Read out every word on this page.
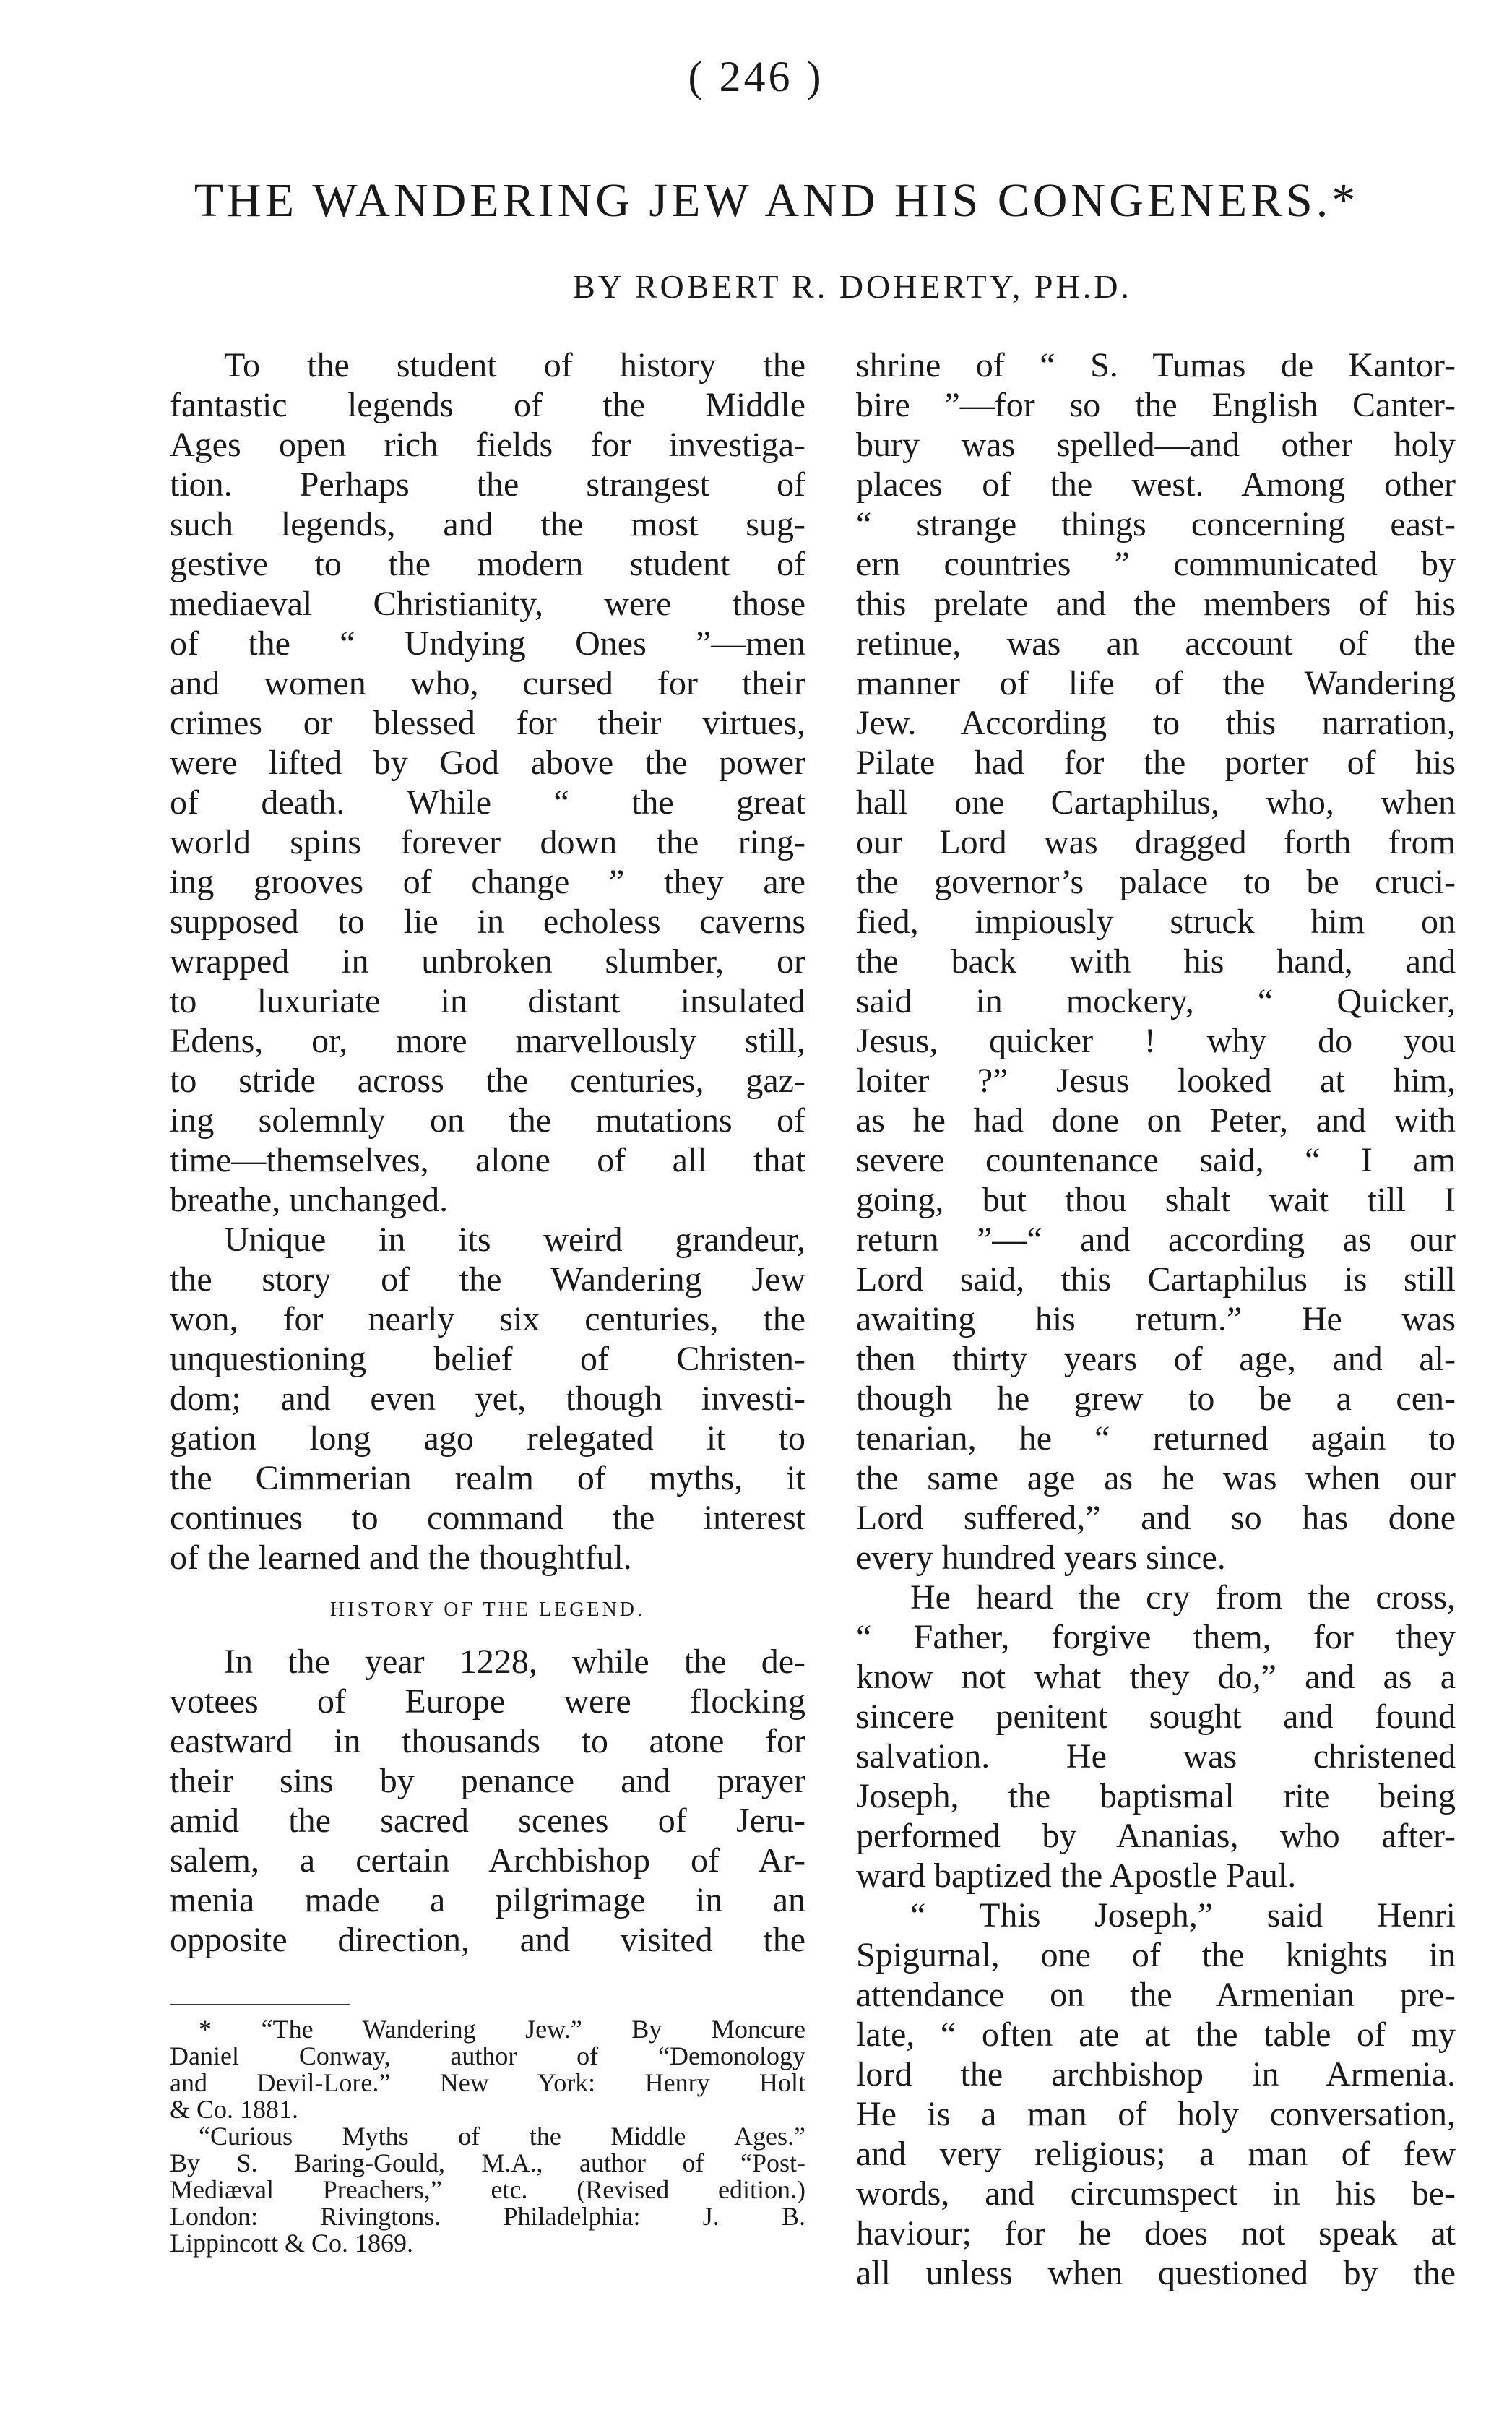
( 246 )
THE WANDERING JEW AND HIS CONGENERS.*
BY ROBERT R. DOHERTY, PH.D.
To the student of history the
fantastic legends of the Middle
Ages open rich fields for investiga-
tion. Perhaps the strangest of
such legends, and the most sug-
gestive to the modern student of
mediaeval Christianity, were those
of the “ Undying Ones ”—men
and women who, cursed for their
crimes or blessed for their virtues,
were lifted by God above the power
of death. While “ the great
world spins forever down the ring-
ing grooves of change ” they are
supposed to lie in echoless caverns
wrapped in unbroken slumber, or
to luxuriate in distant insulated
Edens, or, more marvellously still,
to stride across the centuries, gaz-
ing solemnly on the mutations of
time—themselves, alone of all that
breathe, unchanged.
Unique in its weird grandeur,
the story of the Wandering Jew
won, for nearly six centuries, the
unquestioning belief of Christen-
dom; and even yet, though investi-
gation long ago relegated it to
the Cimmerian realm of myths, it
continues to command the interest
of the learned and the thoughtful.
HISTORY OF THE LEGEND.
In the year 1228, while the de-
votees of Europe were flocking
eastward in thousands to atone for
their sins by penance and prayer
amid the sacred scenes of Jeru-
salem, a certain Archbishop of Ar-
menia made a pilgrimage in an
opposite direction, and visited the
* “The Wandering Jew.” By Moncure
Daniel Conway, author of “Demonology
and Devil-Lore.” New York: Henry Holt
& Co. 1881.
“Curious Myths of the Middle Ages.”
By S. Baring-Gould, M.A., author of “Post-
Mediæval Preachers,” etc. (Revised edition.)
London: Rivingtons. Philadelphia: J. B.
Lippincott & Co. 1869.
shrine of “ S. Tumas de Kantor-
bire ”—for so the English Canter-
bury was spelled—and other holy
places of the west. Among other
“ strange things concerning east-
ern countries ” communicated by
this prelate and the members of his
retinue, was an account of the
manner of life of the Wandering
Jew. According to this narration,
Pilate had for the porter of his
hall one Cartaphilus, who, when
our Lord was dragged forth from
the governor’s palace to be cruci-
fied, impiously struck him on
the back with his hand, and
said in mockery, “ Quicker,
Jesus, quicker ! why do you
loiter ?” Jesus looked at him,
as he had done on Peter, and with
severe countenance said, “ I am
going, but thou shalt wait till I
return ”—“ and according as our
Lord said, this Cartaphilus is still
awaiting his return.” He was
then thirty years of age, and al-
though he grew to be a cen-
tenarian, he “ returned again to
the same age as he was when our
Lord suffered,” and so has done
every hundred years since.
He heard the cry from the cross,
“ Father, forgive them, for they
know not what they do,” and as a
sincere penitent sought and found
salvation. He was christened
Joseph, the baptismal rite being
performed by Ananias, who after-
ward baptized the Apostle Paul.
“ This Joseph,” said Henri
Spigurnal, one of the knights in
attendance on the Armenian pre-
late, “ often ate at the table of my
lord the archbishop in Armenia.
He is a man of holy conversation,
and very religious; a man of few
words, and circumspect in his be-
haviour; for he does not speak at
all unless when questioned by the
